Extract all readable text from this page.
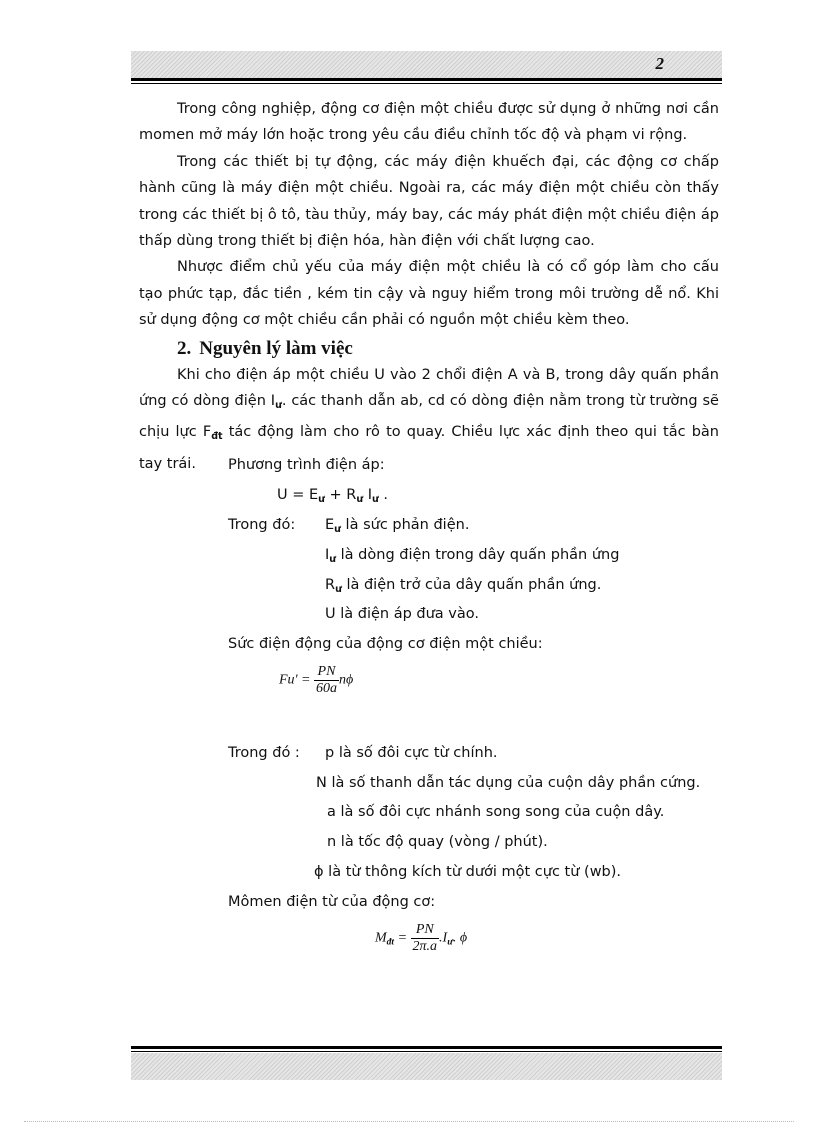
2

Trong công nghiệp, động cơ điện một chiều được sử dụng ở những nơi cần momen mở máy lớn hoặc trong yêu cầu điều chỉnh tốc độ và phạm vi rộng.

Trong các thiết bị tự động, các máy điện khuếch đại, các động cơ chấp hành cũng là máy điện một chiều. Ngoài ra, các máy điện một chiều còn thấy trong các thiết bị ô tô, tàu thủy, máy bay, các máy phát điện một chiều điện áp thấp dùng trong thiết bị điện hóa, hàn điện với chất lượng cao.

Nhược điểm chủ yếu của máy điện một chiều là có cổ góp làm cho cấu tạo phức tạp, đắc tiền , kém tin cậy và nguy hiểm trong môi trường dễ nổ. Khi sử dụng động cơ một chiều cần phải có nguồn một chiều kèm theo.

2. Nguyên lý làm việc

Khi cho điện áp một chiều U vào 2 chổi điện A và B, trong dây quấn phần ứng có dòng điện $I_ư$. các thanh dẫn ab, cd có dòng điện nằm trong từ trường sẽ chịu lực $F_{đt}$ tác động làm cho rô to quay. Chiều lực xác định theo qui tắc bàn tay trái.	Phương trình điện áp:
$U = E_ư + R_ư$ $I_ư$ .
Trong đó: $E_ư$ là sức phản điện.
$I_ư$ là dòng điện trong dây quấn phần ứng
$R_ư$ là điện trở của dây quấn phần ứng.
U là điện áp đưa vào.
Sức điện động của động cơ điện một chiều:
$Fu' = \frac{PN}{60a}$ nϕ
Trong đó : p là số đôi cực từ chính.
N là số thanh dẫn tác dụng của cuộn dây phần cứng.
a là số đôi cực nhánh song song của cuộn dây.
n là tốc độ quay (vòng / phút).
ϕ là từ thông kích từ dưới một cực từ (wb).
Mômen điện từ của động cơ:
$M_{đt} = \frac{PN}{2\pi.a} .I_ư$. ϕ
